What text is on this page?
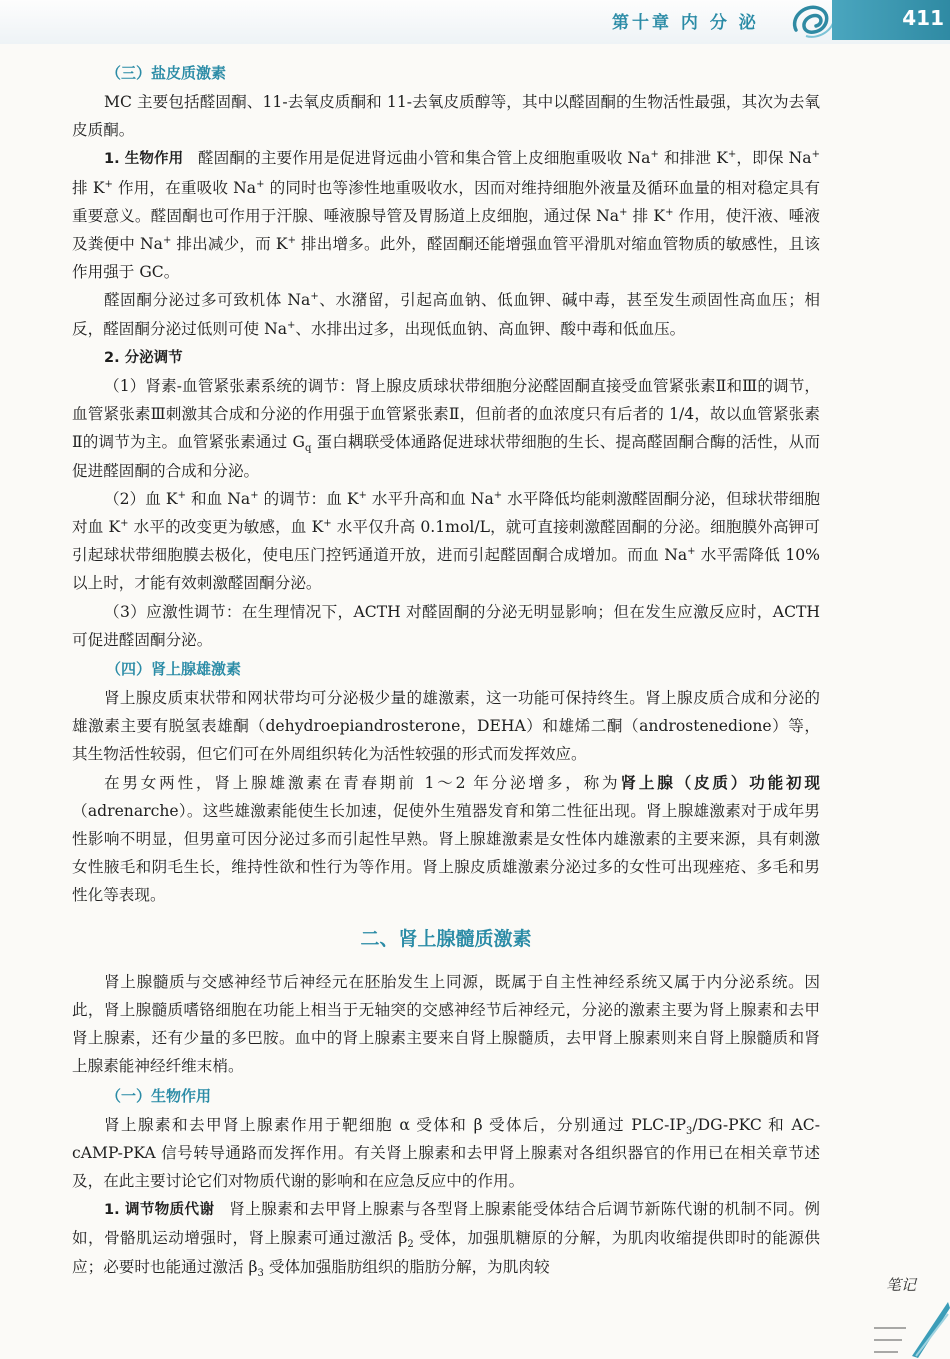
第十章 内 分 泌	411
（三）盐皮质激素

MC 主要包括醛固酮、11-去氧皮质酮和 11-去氧皮质醇等，其中以醛固酮的生物活性最强，其次为去氧皮质酮。

1. 生物作用　醛固酮的主要作用是促进肾远曲小管和集合管上皮细胞重吸收 Na+ 和排泄 K+，即保 Na+ 排 K+ 作用，在重吸收 Na+ 的同时也等渗性地重吸收水，因而对维持细胞外液量及循环血量的相对稳定具有重要意义。醛固酮也可作用于汗腺、唾液腺导管及胃肠道上皮细胞，通过保 Na+ 排 K+ 作用，使汗液、唾液及粪便中 Na+ 排出减少，而 K+ 排出增多。此外，醛固酮还能增强血管平滑肌对缩血管物质的敏感性，且该作用强于 GC。

醛固酮分泌过多可致机体 Na+、水潴留，引起高血钠、低血钾、碱中毒，甚至发生顽固性高血压；相反，醛固酮分泌过低则可使 Na+、水排出过多，出现低血钠、高血钾、酸中毒和低血压。

2. 分泌调节

（1）肾素-血管紧张素系统的调节：肾上腺皮质球状带细胞分泌醛固酮直接受血管紧张素Ⅱ和Ⅲ的调节，血管紧张素Ⅲ刺激其合成和分泌的作用强于血管紧张素Ⅱ，但前者的血浓度只有后者的 1/4，故以血管紧张素Ⅱ的调节为主。血管紧张素通过 $G_q$ 蛋白耦联受体通路促进球状带细胞的生长、提高醛固酮合酶的活性，从而促进醛固酮的合成和分泌。

（2）血 K+ 和血 Na+ 的调节：血 K+ 水平升高和血 Na+ 水平降低均能刺激醛固酮分泌，但球状带细胞对血 K+ 水平的改变更为敏感，血 K+ 水平仅升高 0.1mol/L，就可直接刺激醛固酮的分泌。细胞膜外高钾可引起球状带细胞膜去极化，使电压门控钙通道开放，进而引起醛固酮合成增加。而血 Na+ 水平需降低 10% 以上时，才能有效刺激醛固酮分泌。

（3）应激性调节：在生理情况下，ACTH 对醛固酮的分泌无明显影响；但在发生应激反应时，ACTH 可促进醛固酮分泌。

（四）肾上腺雄激素

肾上腺皮质束状带和网状带均可分泌极少量的雄激素，这一功能可保持终生。肾上腺皮质合成和分泌的雄激素主要有脱氢表雄酮（dehydroepiandrosterone，DEHA）和雄烯二酮（androstenedione）等，其生物活性较弱，但它们可在外周组织转化为活性较强的形式而发挥效应。

在男女两性，肾上腺雄激素在青春期前 1～2 年分泌增多，称为肾上腺（皮质）功能初现（adrenarche）。这些雄激素能使生长加速，促使外生殖器发育和第二性征出现。肾上腺雄激素对于成年男性影响不明显，但男童可因分泌过多而引起性早熟。肾上腺雄激素是女性体内雄激素的主要来源，具有刺激女性腋毛和阴毛生长，维持性欲和性行为等作用。肾上腺皮质雄激素分泌过多的女性可出现痤疮、多毛和男性化等表现。

二、肾上腺髓质激素

肾上腺髓质与交感神经节后神经元在胚胎发生上同源，既属于自主性神经系统又属于内分泌系统。因此，肾上腺髓质嗜铬细胞在功能上相当于无轴突的交感神经节后神经元，分泌的激素主要为肾上腺素和去甲肾上腺素，还有少量的多巴胺。血中的肾上腺素主要来自肾上腺髓质，去甲肾上腺素则来自肾上腺髓质和肾上腺素能神经纤维末梢。

（一）生物作用

肾上腺素和去甲肾上腺素作用于靶细胞 α 受体和 β 受体后，分别通过 PLC-$IP_3/DG$-PKC 和 AC-cAMP-PKA 信号转导通路而发挥作用。有关肾上腺素和去甲肾上腺素对各组织器官的作用已在相关章节述及，在此主要讨论它们对物质代谢的影响和在应急反应中的作用。

1. 调节物质代谢　肾上腺素和去甲肾上腺素与各型肾上腺素能受体结合后调节新陈代谢的机制不同。例如，骨骼肌运动增强时，肾上腺素可通过激活 $\beta_2$ 受体，加强肌糖原的分解，为肌肉收缩提供即时的能源供应；必要时也能通过激活 $\beta_3$ 受体加强脂肪组织的脂肪分解，为肌肉较

笔记
